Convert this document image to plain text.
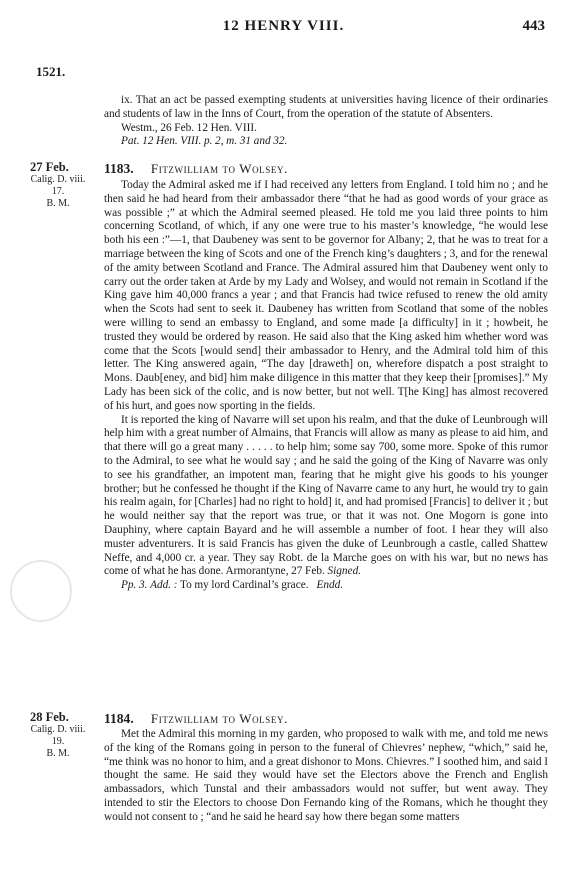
12 HENRY VIII.	443
1521.

ix. That an act be passed exempting students at universities having licence of their ordinaries and students of law in the Inns of Court, from the operation of the statute of Absenters.

Westm., 26 Feb. 12 Hen. VIII.

Pat. 12 Hen. VIII. p. 2, m. 31 and 32.

27 Feb.
Calig. D. viii.
17.
B. M.
1183. Fitzwilliam to Wolsey.

Today the Admiral asked me if I had received any letters from England. I told him no ; and he then said he had heard from their ambassador there “that he had as good words of your grace as was possible ;” at which the Admiral seemed pleased. He told me you laid three points to him concerning Scotland, of which, if any one were true to his master’s knowledge, “he would lese both his een :”—1, that Daubeney was sent to be governor for Albany; 2, that he was to treat for a marriage between the king of Scots and one of the French king’s daughters ; 3, and for the renewal of the amity between Scotland and France. The Admiral assured him that Daubeney went only to carry out the order taken at Arde by my Lady and Wolsey, and would not remain in Scotland if the King gave him 40,000 francs a year ; and that Francis had twice refused to renew the old amity when the Scots had sent to seek it. Daubeney has written from Scotland that some of the nobles were willing to send an embassy to England, and some made [a difficulty] in it ; howbeit, he trusted they would be ordered by reason. He said also that the King asked him whether word was come that the Scots [would send] their ambassador to Henry, and the Admiral told him of this letter. The King answered again, “The day [draweth] on, wherefore dispatch a post straight to Mons. Daub[eney, and bid] him make diligence in this matter that they keep their [promises].” My Lady has been sick of the colic, and is now better, but not well. T[he King] has almost recovered of his hurt, and goes now sporting in the fields.

It is reported the king of Navarre will set upon his realm, and that the duke of Leunbrough will help him with a great number of Almains, that Francis will allow as many as please to aid him, and that there will go a great many . . . . . to help him; some say 700, some more. Spoke of this rumor to the Admiral, to see what he would say ; and he said the going of the King of Navarre was only to see his grandfather, an impotent man, fearing that he might give his goods to his younger brother; but he confessed he thought if the King of Navarre came to any hurt, he would try to gain his realm again, for [Charles] had no right to hold] it, and had promised [Francis] to deliver it ; but he would neither say that the report was true, or that it was not. One Mogorn is gone into Dauphiny, where captain Bayard and he will assemble a number of foot. I hear they will also muster adventurers. It is said Francis has given the duke of Leunbrough a castle, called Shattew Neffe, and 4,000 cr. a year. They say Robt. de la Marche goes on with his war, but no news has come of what he has done. Armorantyne, 27 Feb. Signed.

Pp. 3. Add. : To my lord Cardinal’s grace. Endd.
28 Feb.
Calig. D. viii.
19.
B. M.
1184. Fitzwilliam to Wolsey.

Met the Admiral this morning in my garden, who proposed to walk with me, and told me news of the king of the Romans going in person to the funeral of Chievres’ nephew, “which,” said he, “me think was no honor to him, and a great dishonor to Mons. Chievres.” I soothed him, and said I thought the same. He said they would have set the Electors above the French and English ambassadors, which Tunstal and their ambassadors would not suffer, but went away. They intended to stir the Electors to choose Don Fernando king of the Romans, which he thought they would not consent to ; “and he said he heard say how there began some matters
